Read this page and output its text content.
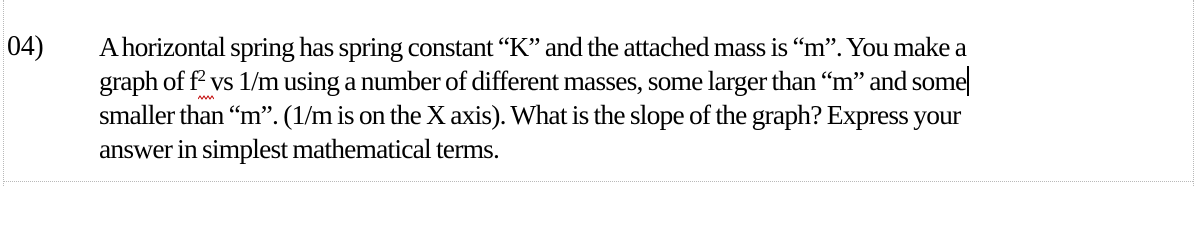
04) A horizontal spring has spring constant “K” and the attached mass is “m”. You make a
graph of $f^2$
vs 1/m using a number of different masses, some larger than “m” and some
smaller than “m”. (1/m is on the X axis). What is the slope of the graph? Express your
answer in simplest mathematical terms.
